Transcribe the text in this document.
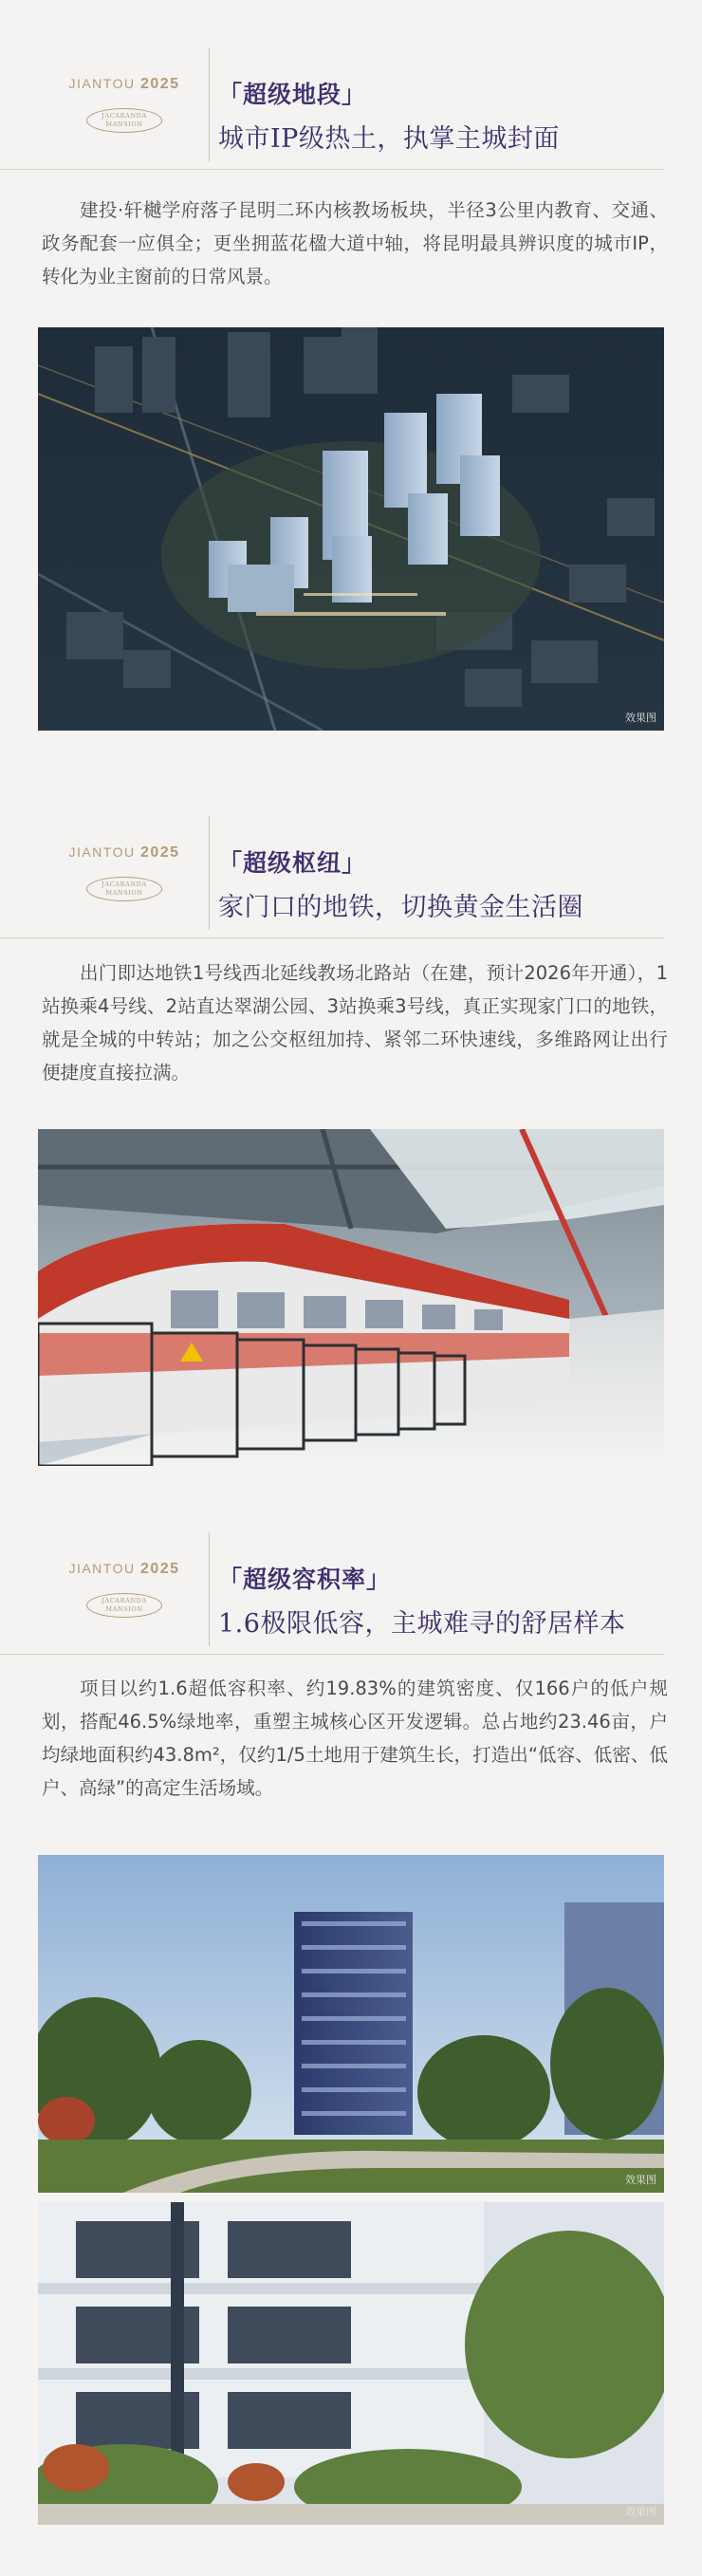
JIANTOU 2025
JACARANDA
MANSION
「超级地段」
城市IP级热土，执掌主城封面
建投·轩樾学府落子昆明二环内核教场板块，半径3公里内教育、交通、政务配套一应俱全；更坐拥蓝花楹大道中轴，将昆明最具辨识度的城市IP，转化为业主窗前的日常风景。
效果图
JIANTOU 2025
JACARANDA
MANSION
「超级枢纽」
家门口的地铁，切换黄金生活圈
出门即达地铁1号线西北延线教场北路站（在建，预计2026年开通），1站换乘4号线、2站直达翠湖公园、3站换乘3号线，真正实现家门口的地铁，就是全城的中转站；加之公交枢纽加持、紧邻二环快速线，多维路网让出行便捷度直接拉满。
JIANTOU 2025
JACARANDA
MANSION
「超级容积率」
1.6极限低容，主城难寻的舒居样本
项目以约1.6超低容积率、约19.83%的建筑密度、仅166户的低户规划，搭配46.5%绿地率，重塑主城核心区开发逻辑。总占地约23.46亩，户均绿地面积约43.8m²，仅约1/5土地用于建筑生长，打造出“低容、低密、低户、高绿”的高定生活场域。
效果图
效果图
